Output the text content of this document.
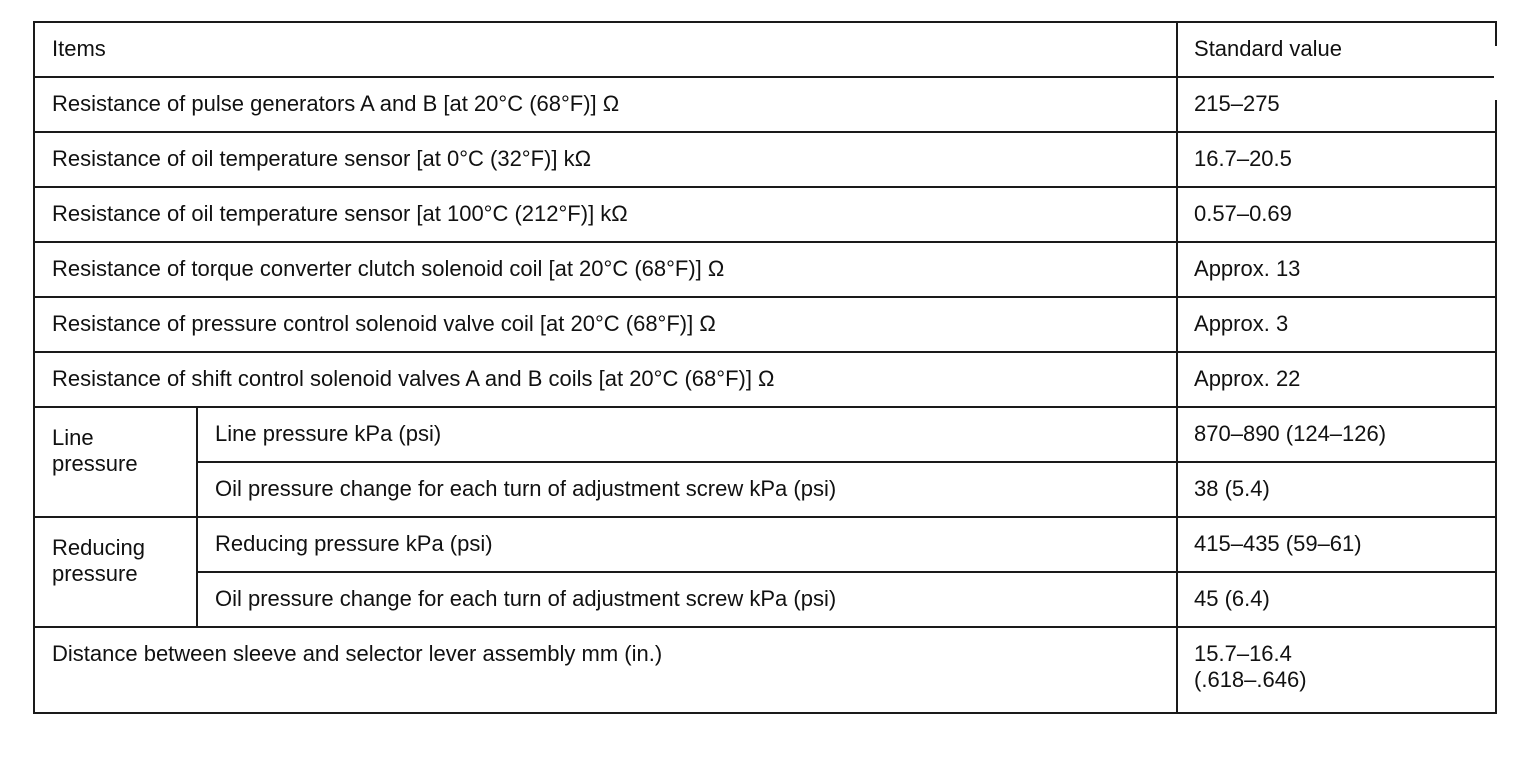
Items		Standard value
Resistance of pulse generators A and B [at 20°C (68°F)] Ω		215–275
Resistance of oil temperature sensor [at 0°C (32°F)] kΩ		16.7–20.5
Resistance of oil temperature sensor [at 100°C (212°F)] kΩ		0.57–0.69
Resistance of torque converter clutch solenoid coil [at 20°C (68°F)] Ω		Approx. 13
Resistance of pressure control solenoid valve coil [at 20°C (68°F)] Ω		Approx. 3
Resistance of shift control solenoid valves A and B coils [at 20°C (68°F)] Ω		Approx. 22

Line
pressure	Line pressure kPa (psi)	870–890 (124–126)
	Oil pressure change for each turn of adjustment screw kPa (psi)	38 (5.4)

Reducing
pressure	Reducing pressure kPa (psi)	415–435 (59–61)
	Oil pressure change for each turn of adjustment screw kPa (psi)	45 (6.4)
Distance between sleeve and selector lever assembly mm (in.)		15.7–16.4
(.618–.646)
